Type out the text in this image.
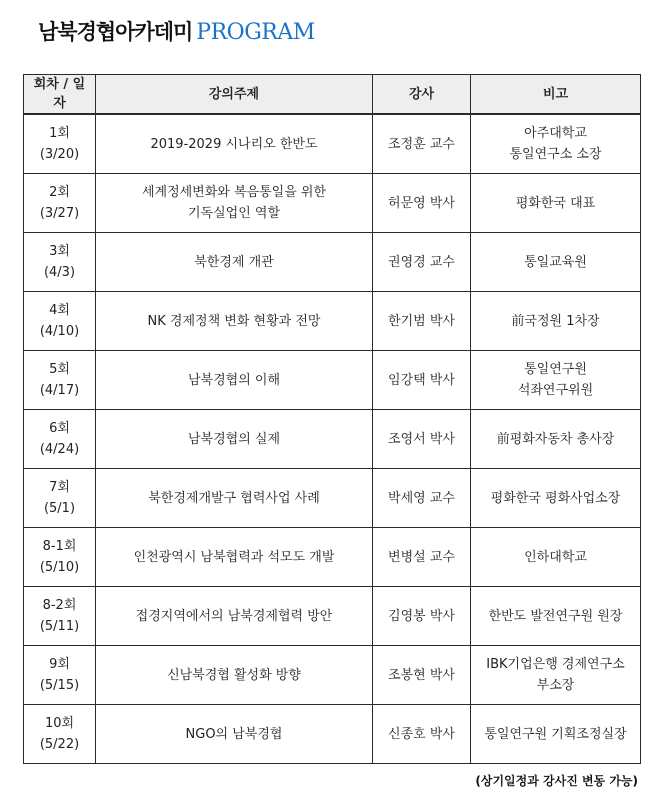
남북경협아카데미 PROGRAM
회차 / 일자	강의주제	강사	비고

1회
(3/20)	2019-2029 시나리오 한반도	조정훈 교수	아주대학교
통일연구소 소장

2회
(3/27)	세계정세변화와 복음통일을 위한
기독실업인 역할	허문영 박사	평화한국 대표

3회
(4/3)	북한경제 개관	권영경 교수	통일교육원

4회
(4/10)	NK 경제정책 변화 현황과 전망	한기범 박사	前국정원 1차장

5회
(4/17)	남북경협의 이해	임강택 박사	통일연구원
석좌연구위원

6회
(4/24)	남북경협의 실제	조영서 박사	前평화자동차 총사장

7회
(5/1)	북한경제개발구 협력사업 사례	박세영 교수	평화한국 평화사업소장

8-1회
(5/10)	인천광역시 남북협력과 석모도 개발	변병설 교수	인하대학교

8-2회
(5/11)	접경지역에서의 남북경제협력 방안	김영봉 박사	한반도 발전연구원 원장

9회
(5/15)	신남북경협 활성화 방향	조봉현 박사	IBK기업은행 경제연구소
부소장

10회
(5/22)	NGO의 남북경협	신종호 박사	통일연구원 기획조정실장
(상기일정과 강사진 변동 가능)
